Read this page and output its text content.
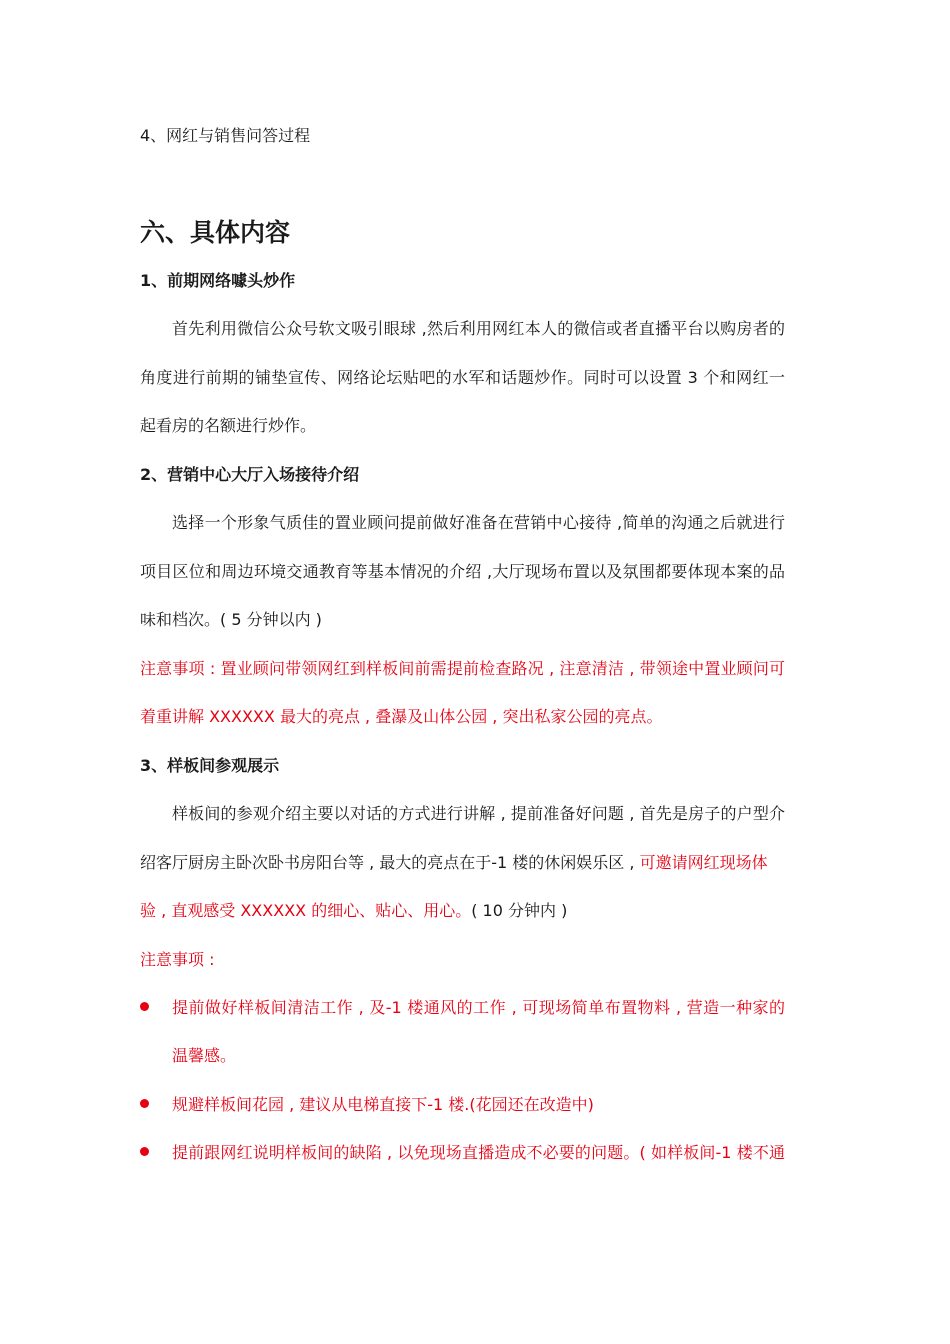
4、网红与销售问答过程
六、具体内容
1、前期网络噱头炒作
首先利用微信公众号软文吸引眼球 ,然后利用网红本人的微信或者直播平台以购房者的
角度进行前期的铺垫宣传、网络论坛贴吧的水军和话题炒作。同时可以设置 3 个和网红一
起看房的名额进行炒作。
2、营销中心大厅入场接待介绍
选择一个形象气质佳的置业顾问提前做好准备在营销中心接待 ,简单的沟通之后就进行
项目区位和周边环境交通教育等基本情况的介绍 ,大厅现场布置以及氛围都要体现本案的品
味和档次。( 5 分钟以内 )
注意事项 : 置业顾问带领网红到样板间前需提前检查路况 , 注意清洁 , 带领途中置业顾问可
着重讲解 XXXXXX 最大的亮点 , 叠瀑及山体公园 , 突出私家公园的亮点。
3、样板间参观展示
样板间的参观介绍主要以对话的方式进行讲解 , 提前准备好问题 , 首先是房子的户型介
绍客厅厨房主卧次卧书房阳台等 , 最大的亮点在于-1 楼的休闲娱乐区 , 可邀请网红现场体
验 , 直观感受 XXXXXX 的细心、贴心、用心。( 10 分钟内 )
注意事项 :
提前做好样板间清洁工作 , 及-1 楼通风的工作 , 可现场简单布置物料 , 营造一种家的
温馨感。
规避样板间花园 , 建议从电梯直接下-1 楼.(花园还在改造中)
提前跟网红说明样板间的缺陷 , 以免现场直播造成不必要的问题。( 如样板间-1 楼不通
